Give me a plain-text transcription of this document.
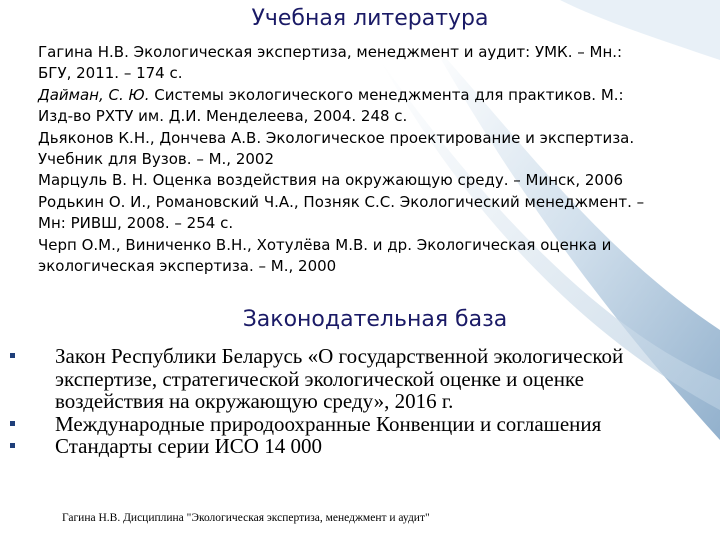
Учебная литература
Гагина Н.В. Экологическая экспертиза, менеджмент и аудит: УМК. – Мн.:
БГУ, 2011. – 174 с.
Дайман, С. Ю. Системы экологического менеджмента для практиков. М.:
Изд-во РХТУ им. Д.И. Менделеева, 2004. 248 с.
Дьяконов К.Н., Дончева А.В. Экологическое проектирование и экспертиза.
Учебник для Вузов. – М., 2002
Марцуль В. Н. Оценка воздействия на окружающую среду. – Минск, 2006
Родькин О. И., Романовский Ч.А., Позняк С.С. Экологический менеджмент. –
Мн: РИВШ, 2008. – 254 с.
Черп О.М., Виниченко В.Н., Хотулёва М.В. и др. Экологическая оценка и
экологическая экспертиза. – М., 2000
Законодательная база
Закон Республики Беларусь «О государственной экологической
экспертизе, стратегической экологической оценке и оценке
воздействия на окружающую среду», 2016 г.
Международные природоохранные Конвенции и соглашения
Стандарты серии ИСО 14 000
Гагина Н.В. Дисциплина "Экологическая экспертиза, менеджмент и аудит"
